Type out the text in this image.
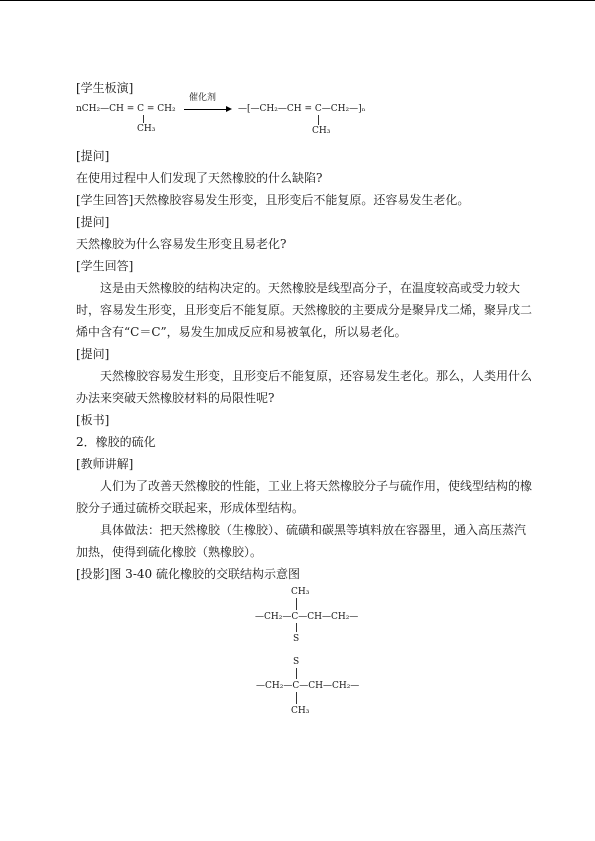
[学生板演]

nCH₂—CH = C = CH₂
CH₃
催化剂
—[—CH₂—CH = C—CH₂—]ₙ
CH₃

[提问]

在使用过程中人们发现了天然橡胶的什么缺陷?

[学生回答]天然橡胶容易发生形变，且形变后不能复原。还容易发生老化。

[提问]

天然橡胶为什么容易发生形变且易老化?

[学生回答]

这是由天然橡胶的结构决定的。天然橡胶是线型高分子，在温度较高或受力较大时，容易发生形变，且形变后不能复原。天然橡胶的主要成分是聚异戊二烯，聚异戊二烯中含有“C＝C”，易发生加成反应和易被氧化，所以易老化。

[提问]

天然橡胶容易发生形变，且形变后不能复原，还容易发生老化。那么，人类用什么办法来突破天然橡胶材料的局限性呢?

[板书]

2．橡胶的硫化

[教师讲解]

人们为了改善天然橡胶的性能，工业上将天然橡胶分子与硫作用，使线型结构的橡胶分子通过硫桥交联起来，形成体型结构。

具体做法：把天然橡胶（生橡胶）、硫磺和碳黑等填料放在容器里，通入高压蒸汽加热，使得到硫化橡胶（熟橡胶）。

[投影]图 3-40 硫化橡胶的交联结构示意图

CH₃
—CH₂—C—CH—CH₂—
S
S
—CH₂—C—CH—CH₂—
CH₃
